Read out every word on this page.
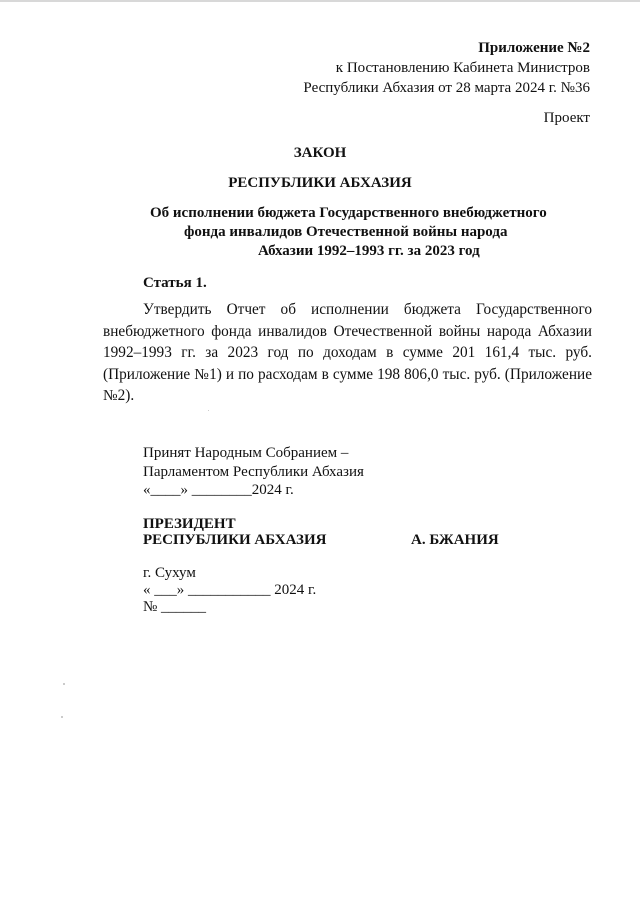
Приложение №2
к Постановлению Кабинета Министров
Республики Абхазия от 28 марта 2024 г. №36
Проект
ЗАКОН
РЕСПУБЛИКИ АБХАЗИЯ
Об исполнении бюджета Государственного внебюджетного
фонда инвалидов Отечественной войны народа
Абхазии 1992–1993 гг. за 2023 год
Статья 1.
Утвердить Отчет об исполнении бюджета Государственного
внебюджетного фонда инвалидов Отечественной войны народа Абхазии
1992–1993 гг. за 2023 год по доходам в сумме 201 161,4 тыс. руб.
(Приложение №1) и по расходам в сумме 198 806,0 тыс. руб. (Приложение
№2).
Принят Народным Собранием –
Парламентом Республики Абхазия
«____» ________2024 г.
ПРЕЗИДЕНТ
РЕСПУБЛИКИ АБХАЗИЯ	А. БЖАНИЯ
г. Сухум
« ___» ___________ 2024 г.
№ ______
